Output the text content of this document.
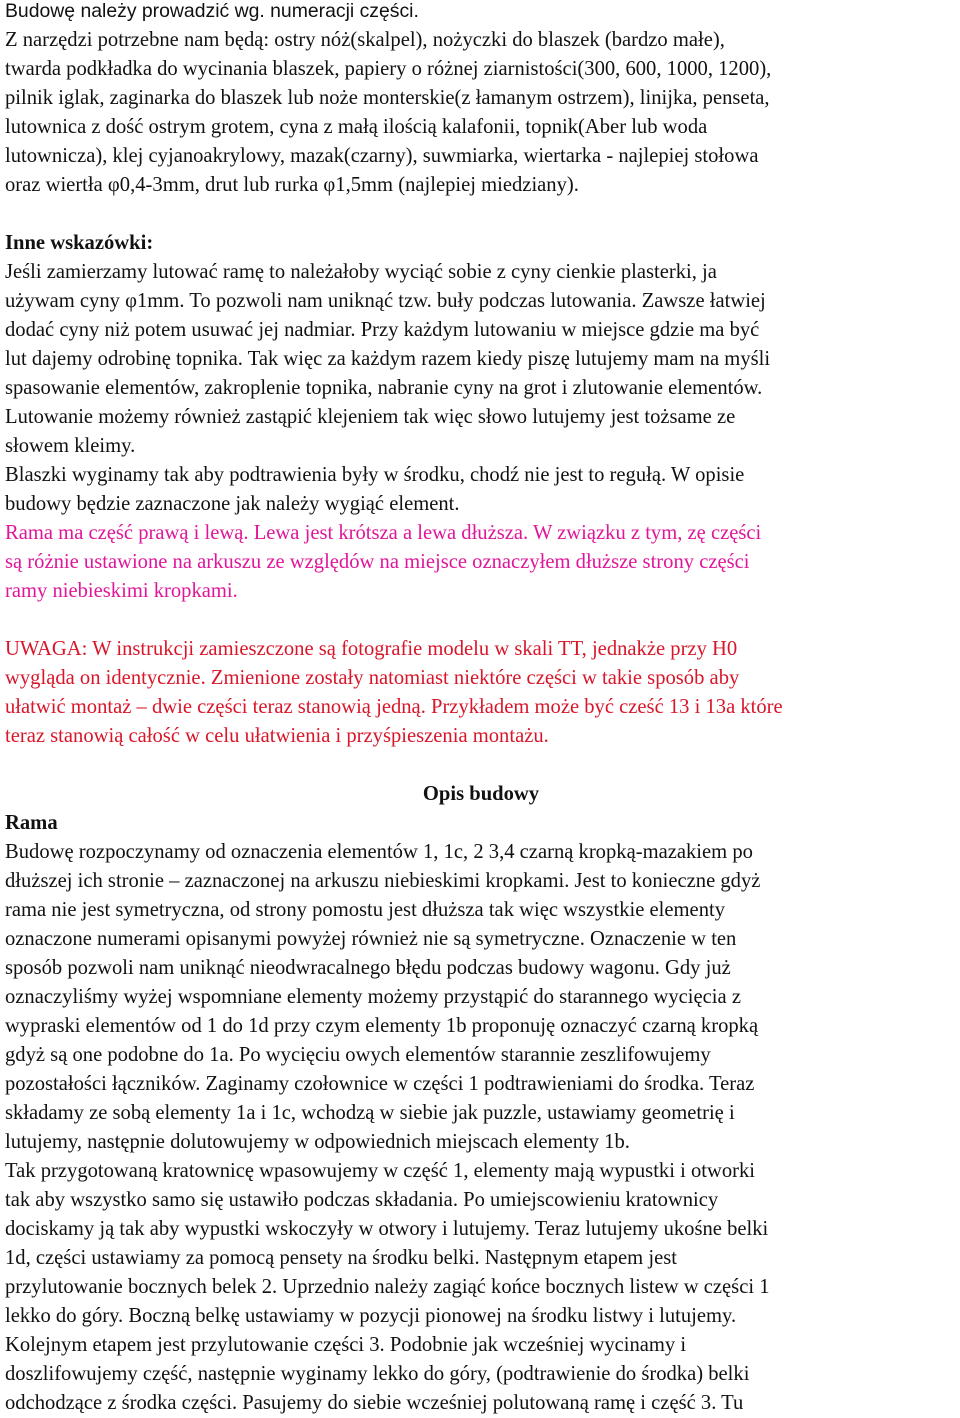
Budowę należy prowadzić wg. numeracji części.

Z narzędzi potrzebne nam będą: ostry nóż(skalpel), nożyczki do blaszek (bardzo małe),
twarda podkładka do wycinania blaszek, papiery o różnej ziarnistości(300, 600, 1000, 1200),
pilnik iglak, zaginarka do blaszek lub noże monterskie(z łamanym ostrzem), linijka, penseta,
lutownica z dość ostrym grotem, cyna z małą ilością kalafonii, topnik(Aber lub woda
lutownicza), klej cyjanoakrylowy, mazak(czarny), suwmiarka, wiertarka - najlepiej stołowa
oraz wiertła φ0,4-3mm, drut lub rurka φ1,5mm (najlepiej miedziany).

Inne wskazówki:

Jeśli zamierzamy lutować ramę to należałoby wyciąć sobie z cyny cienkie plasterki, ja
używam cyny φ1mm. To pozwoli nam uniknąć tzw. buły podczas lutowania. Zawsze łatwiej
dodać cyny niż potem usuwać jej nadmiar. Przy każdym lutowaniu w miejsce gdzie ma być
lut dajemy odrobinę topnika. Tak więc za każdym razem kiedy piszę lutujemy mam na myśli
spasowanie elementów, zakroplenie topnika, nabranie cyny na grot i zlutowanie elementów.
Lutowanie możemy również zastąpić klejeniem tak więc słowo lutujemy jest tożsame ze
słowem kleimy.

Blaszki wyginamy tak aby podtrawienia były w środku, chodź nie jest to regułą. W opisie
budowy będzie zaznaczone jak należy wygiąć element.

Rama ma część prawą i lewą. Lewa jest krótsza a lewa dłuższa. W związku z tym, zę części
są różnie ustawione na arkuszu ze względów na miejsce oznaczyłem dłuższe strony części
ramy niebieskimi kropkami.

UWAGA: W instrukcji zamieszczone są fotografie modelu w skali TT, jednakże przy H0
wygląda on identycznie. Zmienione zostały natomiast niektóre części w takie sposób aby
ułatwić montaż – dwie części teraz stanowią jedną. Przykładem może być cześć 13 i 13a które
teraz stanowią całość w celu ułatwienia i przyśpieszenia montażu.

Opis budowy

Rama

Budowę rozpoczynamy od oznaczenia elementów 1, 1c, 2 3,4 czarną kropką-mazakiem po
dłuższej ich stronie – zaznaczonej na arkuszu niebieskimi kropkami. Jest to konieczne gdyż
rama nie jest symetryczna, od strony pomostu jest dłuższa tak więc wszystkie elementy
oznaczone numerami opisanymi powyżej również nie są symetryczne. Oznaczenie w ten
sposób pozwoli nam uniknąć nieodwracalnego błędu podczas budowy wagonu. Gdy już
oznaczyliśmy wyżej wspomniane elementy możemy przystąpić do starannego wycięcia z
wypraski elementów od 1 do 1d przy czym elementy 1b proponuję oznaczyć czarną kropką
gdyż są one podobne do 1a. Po wycięciu owych elementów starannie zeszlifowujemy
pozostałości łączników. Zaginamy czołownice w części 1 podtrawieniami do środka. Teraz
składamy ze sobą elementy 1a i 1c, wchodzą w siebie jak puzzle, ustawiamy geometrię i
lutujemy, następnie dolutowujemy w odpowiednich miejscach elementy 1b.

Tak przygotowaną kratownicę wpasowujemy w część 1, elementy mają wypustki i otworki
tak aby wszystko samo się ustawiło podczas składania. Po umiejscowieniu kratownicy
dociskamy ją tak aby wypustki wskoczyły w otwory i lutujemy. Teraz lutujemy ukośne belki
1d, części ustawiamy za pomocą pensety na środku belki. Następnym etapem jest
przylutowanie bocznych belek 2. Uprzednio należy zagiąć końce bocznych listew w części 1
lekko do góry. Boczną belkę ustawiamy w pozycji pionowej na środku listwy i lutujemy.
Kolejnym etapem jest przylutowanie części 3. Podobnie jak wcześniej wycinamy i
doszlifowujemy część, następnie wyginamy lekko do góry, (podtrawienie do środka) belki
odchodzące z środka części. Pasujemy do siebie wcześniej polutowaną ramę i część 3. Tu
